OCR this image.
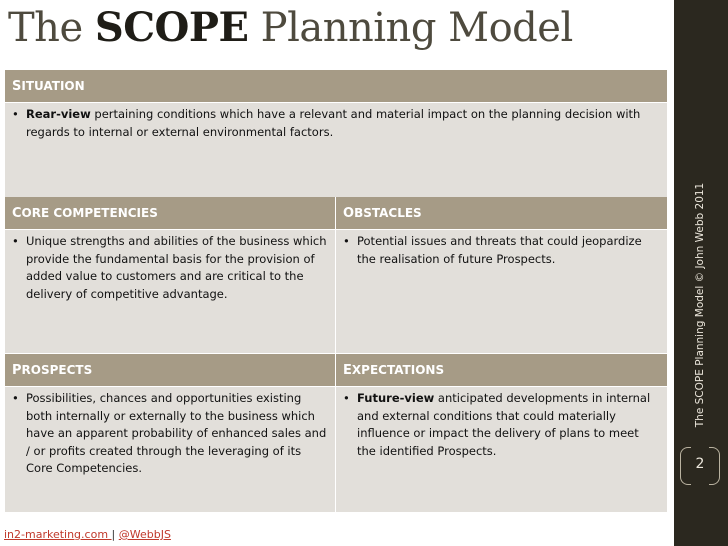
The SCOPE Planning Model
The SCOPE Planning Model © John Webb 2011
2
SITUATION
• Rear-view pertaining conditions which have a relevant and material impact on the planning decision with regards to internal or external environmental factors.
CORE COMPETENCIES	OBSTACLES
• Unique strengths and abilities of the business which provide the fundamental basis for the provision of added value to customers and are critical to the delivery of competitive advantage.
• Potential issues and threats that could jeopardize the realisation of future Prospects.
PROSPECTS	EXPECTATIONS
• Possibilities, chances and opportunities existing both internally or externally to the business which have an apparent probability of enhanced sales and / or profits created through the leveraging of its Core Competencies.
• Future-view anticipated developments in internal and external conditions that could materially influence or impact the delivery of plans to meet the identified Prospects.
in2-marketing.com | @WebbJS
